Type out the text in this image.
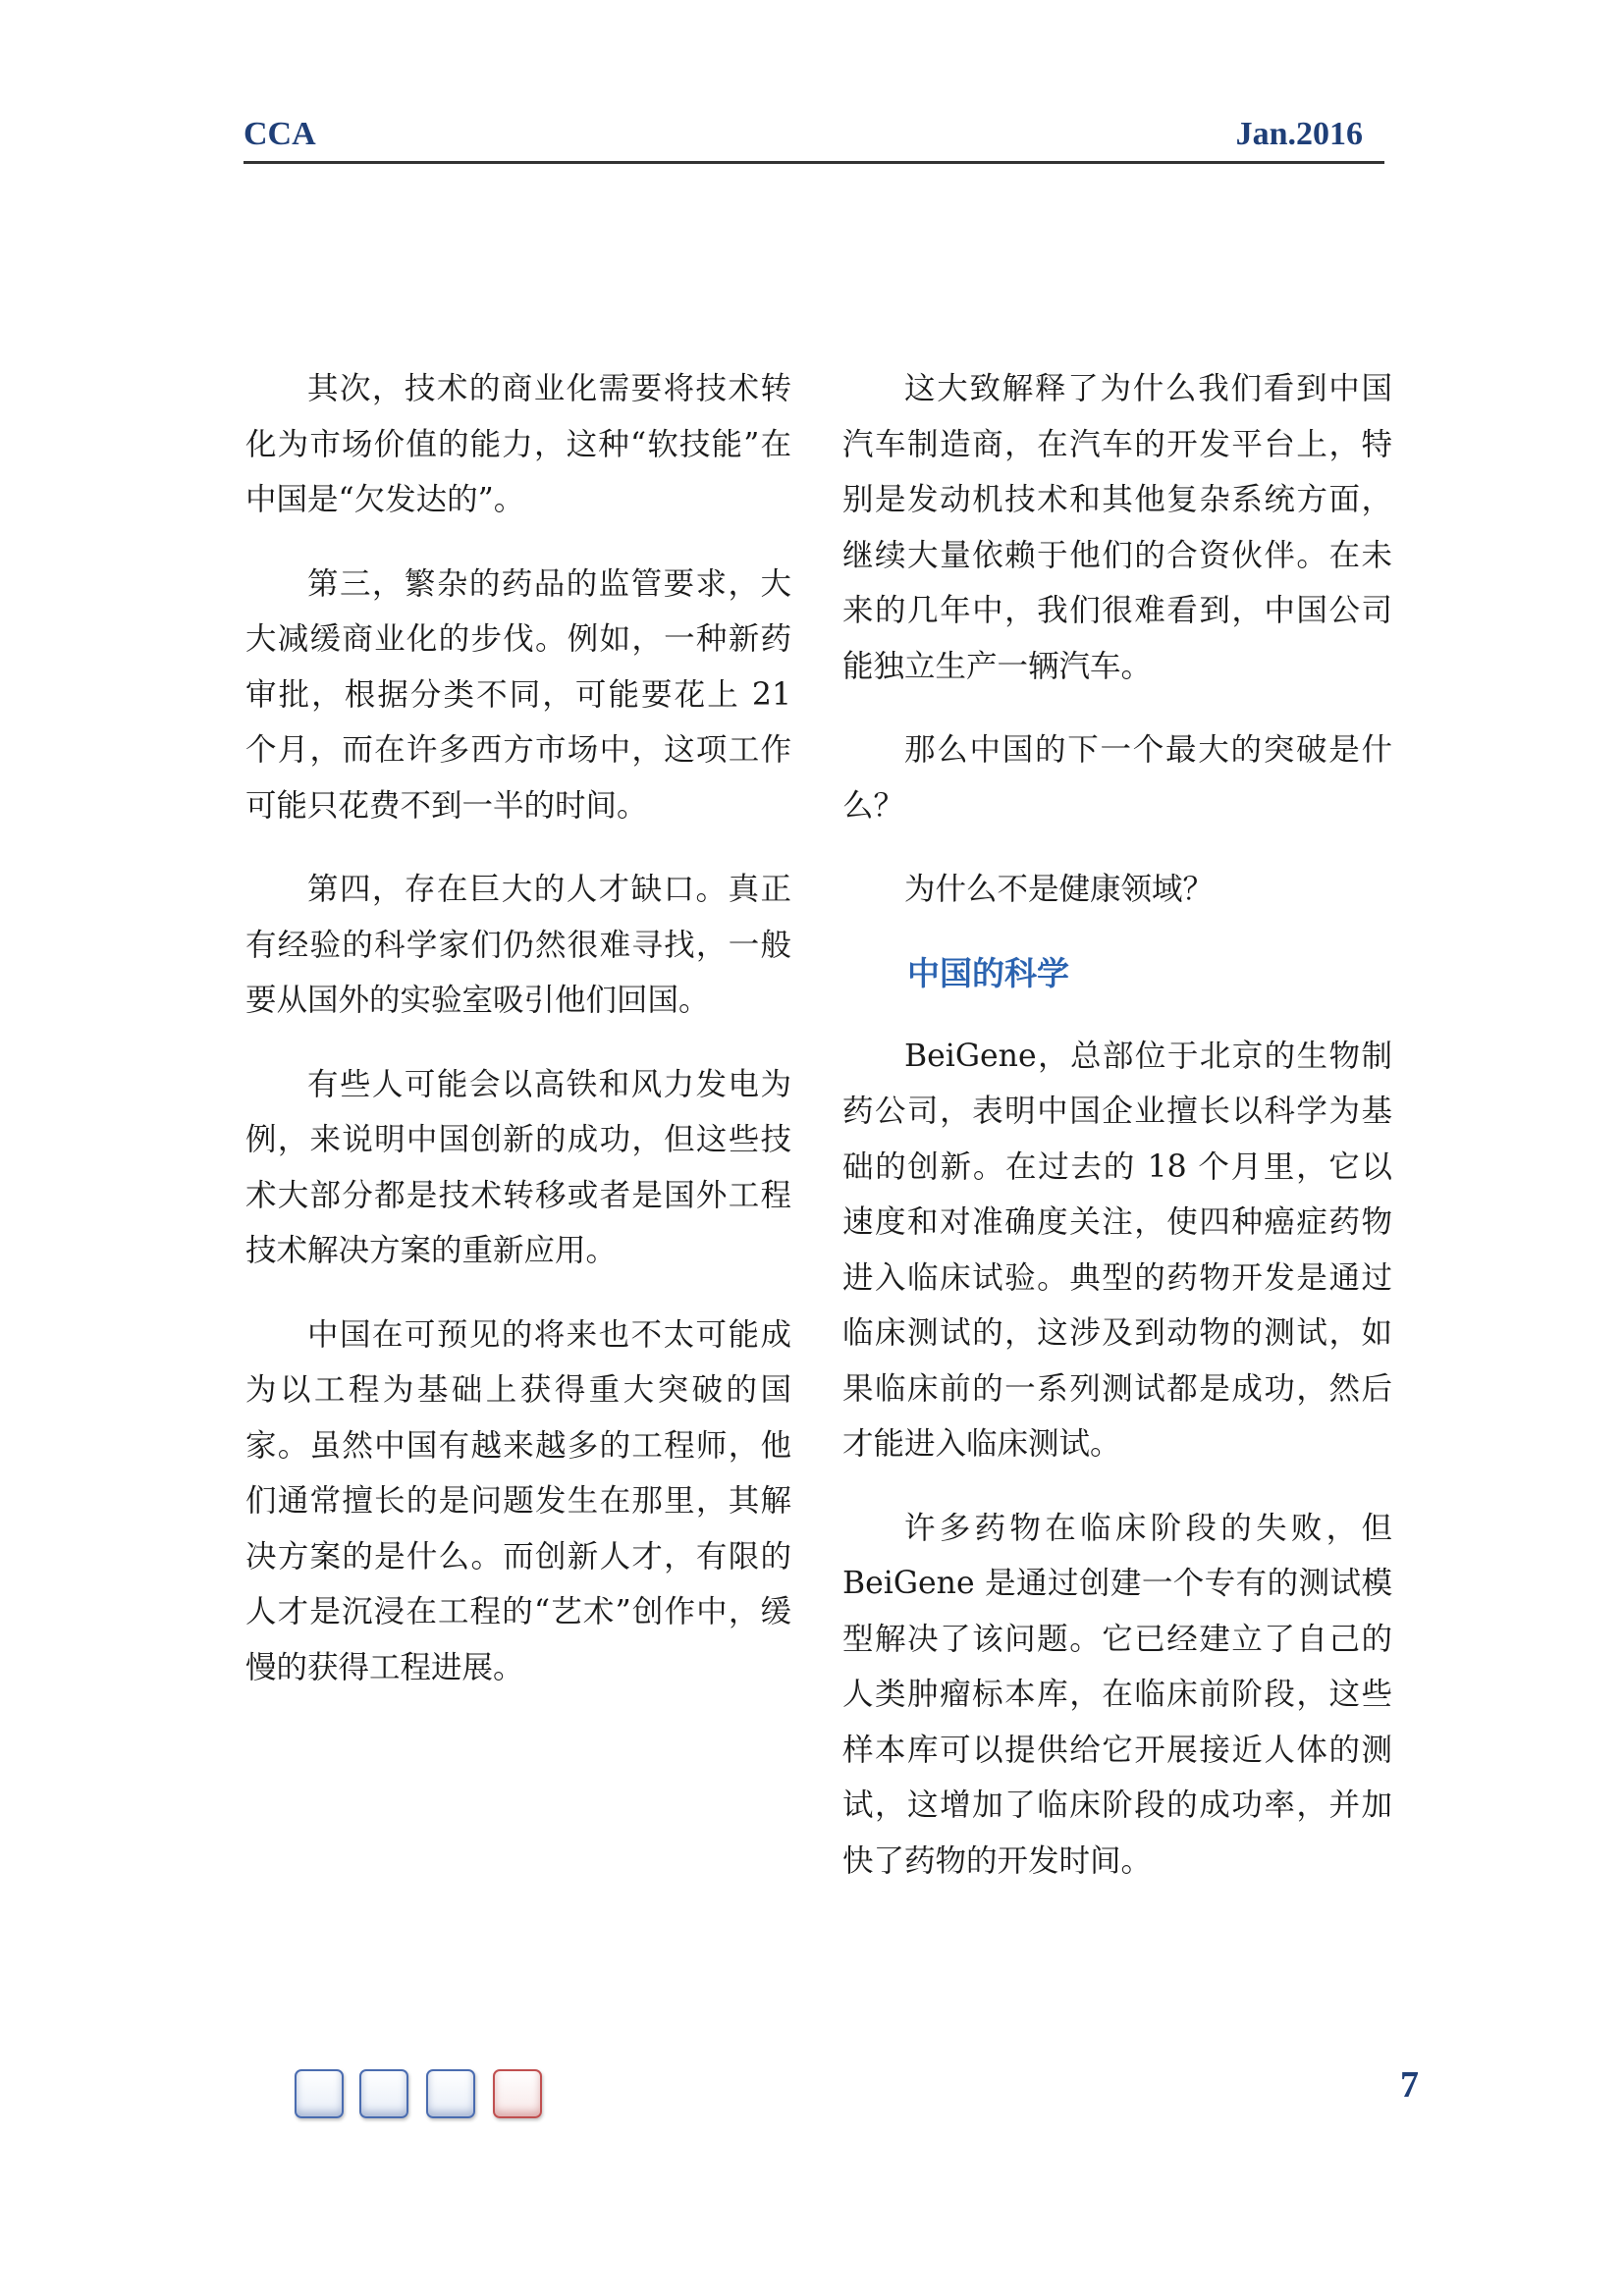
CCA	Jan.2016

其次，技术的商业化需要将技术转化为市场价值的能力，这种“软技能”在中国是“欠发达的”。

第三，繁杂的药品的监管要求，大大减缓商业化的步伐。例如，一种新药审批，根据分类不同，可能要花上 21 个月，而在许多西方市场中，这项工作可能只花费不到一半的时间。

第四，存在巨大的人才缺口。真正有经验的科学家们仍然很难寻找，一般要从国外的实验室吸引他们回国。

有些人可能会以高铁和风力发电为例，来说明中国创新的成功，但这些技术大部分都是技术转移或者是国外工程技术解决方案的重新应用。

中国在可预见的将来也不太可能成为以工程为基础上获得重大突破的国家。虽然中国有越来越多的工程师，他们通常擅长的是问题发生在那里，其解决方案的是什么。而创新人才，有限的人才是沉浸在工程的“艺术”创作中，缓慢的获得工程进展。

这大致解释了为什么我们看到中国汽车制造商，在汽车的开发平台上，特别是发动机技术和其他复杂系统方面，继续大量依赖于他们的合资伙伴。在未来的几年中，我们很难看到，中国公司能独立生产一辆汽车。

那么中国的下一个最大的突破是什么？

为什么不是健康领域？

中国的科学

BeiGene，总部位于北京的生物制药公司，表明中国企业擅长以科学为基础的创新。在过去的 18 个月里，它以速度和对准确度关注，使四种癌症药物进入临床试验。典型的药物开发是通过临床测试的，这涉及到动物的测试，如果临床前的一系列测试都是成功，然后才能进入临床测试。

许多药物在临床阶段的失败，但 BeiGene 是通过创建一个专有的测试模型解决了该问题。它已经建立了自己的人类肿瘤标本库，在临床前阶段，这些样本库可以提供给它开展接近人体的测试，这增加了临床阶段的成功率，并加快了药物的开发时间。

7
